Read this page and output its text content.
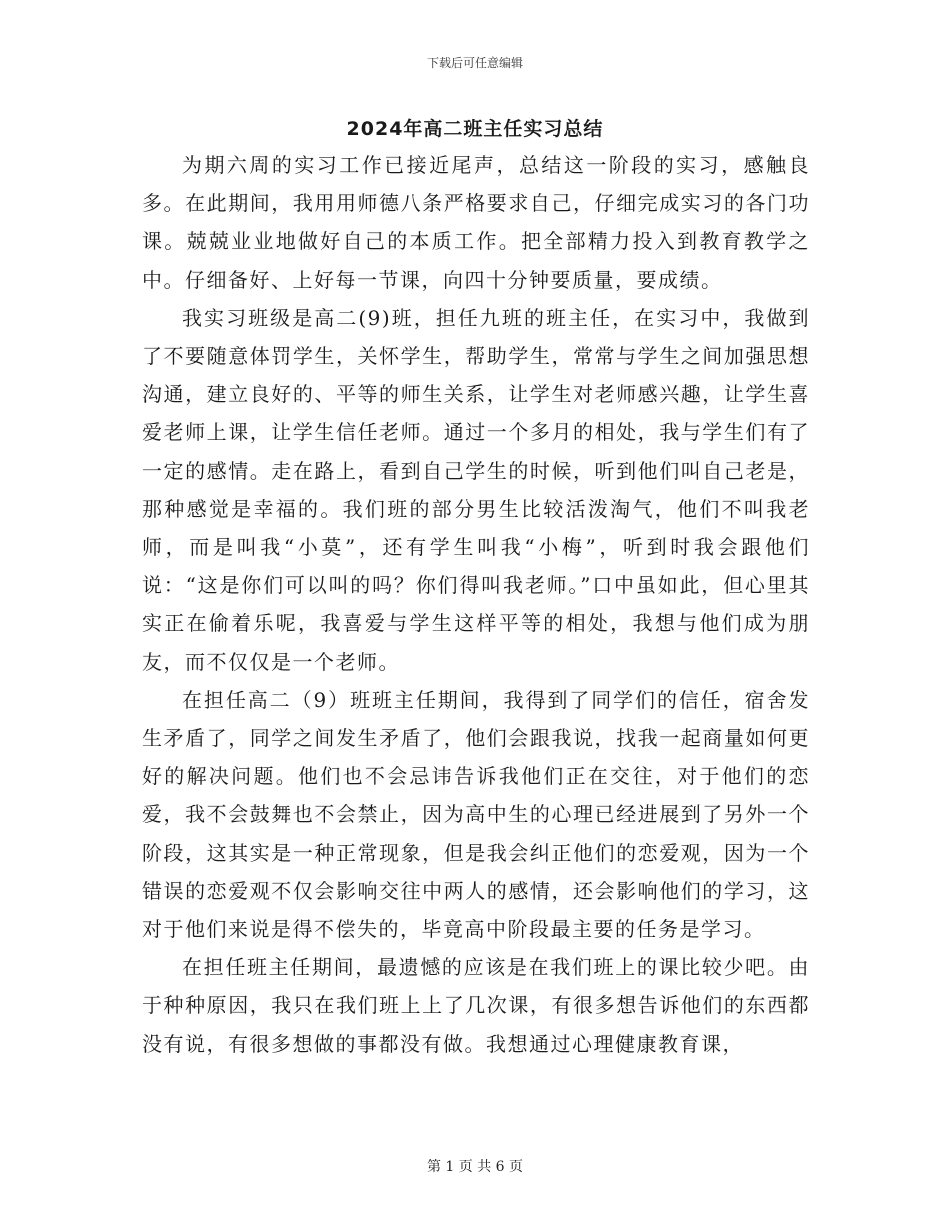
下载后可任意编辑
2024年高二班主任实习总结

为期六周的实习工作已接近尾声，总结这一阶段的实习，感触良多。在此期间，我用用师德八条严格要求自己，仔细完成实习的各门功课。兢兢业业地做好自己的本质工作。把全部精力投入到教育教学之中。仔细备好、上好每一节课，向四十分钟要质量，要成绩。

我实习班级是高二(9)班，担任九班的班主任，在实习中，我做到了不要随意体罚学生，关怀学生，帮助学生，常常与学生之间加强思想沟通，建立良好的、平等的师生关系，让学生对老师感兴趣，让学生喜爱老师上课，让学生信任老师。通过一个多月的相处，我与学生们有了一定的感情。走在路上，看到自己学生的时候，听到他们叫自己老是，那种感觉是幸福的。我们班的部分男生比较活泼淘气，他们不叫我老师，而是叫我“小莫”，还有学生叫我“小梅”，听到时我会跟他们说：“这是你们可以叫的吗？你们得叫我老师。”口中虽如此，但心里其实正在偷着乐呢，我喜爱与学生这样平等的相处，我想与他们成为朋友，而不仅仅是一个老师。

在担任高二（9）班班主任期间，我得到了同学们的信任，宿舍发生矛盾了，同学之间发生矛盾了，他们会跟我说，找我一起商量如何更好的解决问题。他们也不会忌讳告诉我他们正在交往，对于他们的恋爱，我不会鼓舞也不会禁止，因为高中生的心理已经进展到了另外一个阶段，这其实是一种正常现象，但是我会纠正他们的恋爱观，因为一个错误的恋爱观不仅会影响交往中两人的感情，还会影响他们的学习，这对于他们来说是得不偿失的，毕竟高中阶段最主要的任务是学习。

在担任班主任期间，最遗憾的应该是在我们班上的课比较少吧。由于种种原因，我只在我们班上上了几次课，有很多想告诉他们的东西都没有说，有很多想做的事都没有做。我想通过心理健康教育课，

第 1 页 共 6 页
